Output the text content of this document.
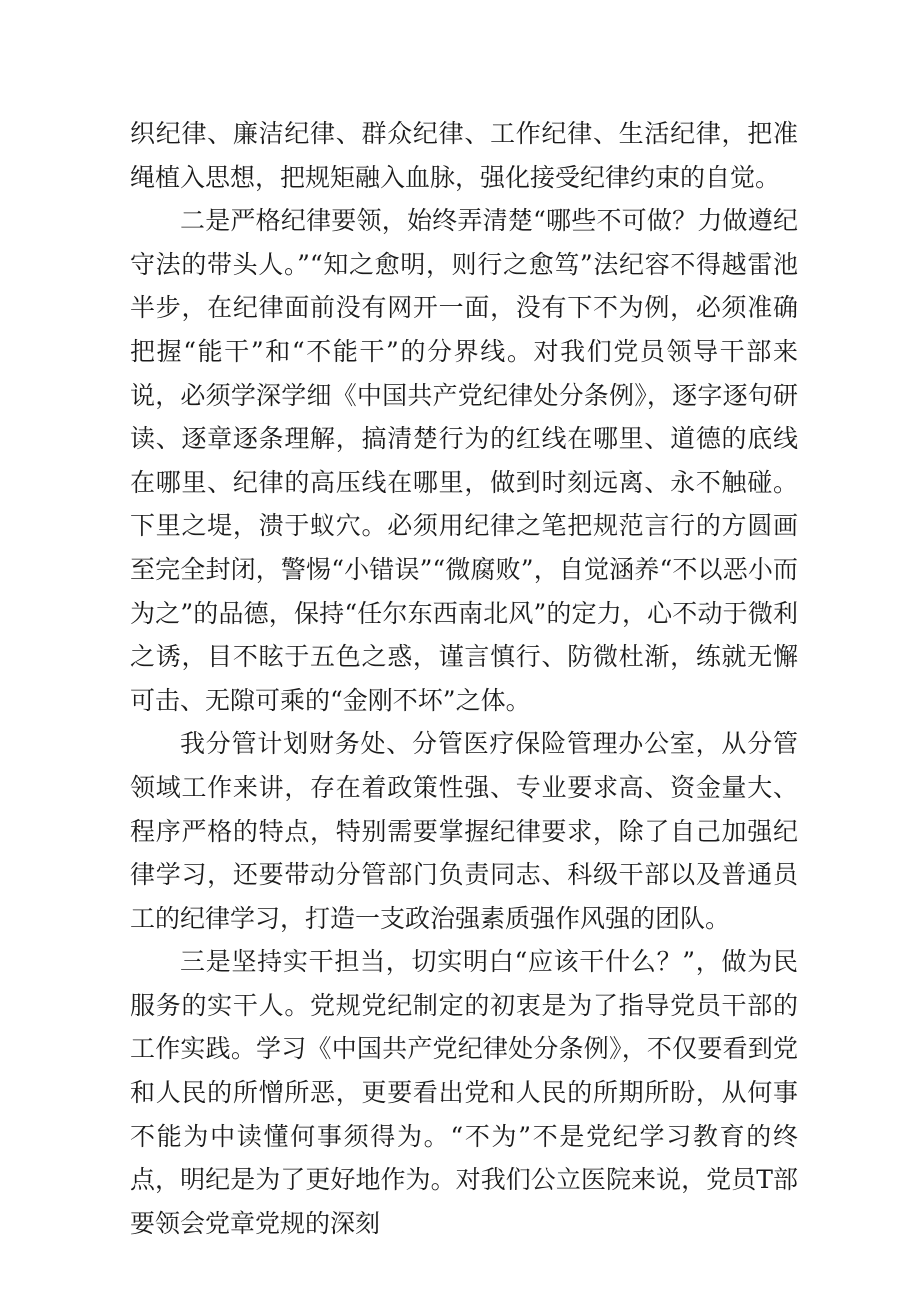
织纪律、廉洁纪律、群众纪律、工作纪律、生活纪律，把准绳植入思想，把规矩融入血脉，强化接受纪律约束的自觉。

二是严格纪律要领，始终弄清楚“哪些不可做？力做遵纪守法的带头人。”“知之愈明，则行之愈笃”法纪容不得越雷池半步，在纪律面前没有网开一面，没有下不为例，必须准确把握“能干”和“不能干”的分界线。对我们党员领导干部来说，必须学深学细《中国共产党纪律处分条例》，逐字逐句研读、逐章逐条理解，搞清楚行为的红线在哪里、道德的底线在哪里、纪律的高压线在哪里，做到时刻远离、永不触碰。下里之堤，溃于蚁穴。必须用纪律之笔把规范言行的方圆画至完全封闭，警惕“小错误”“微腐败”，自觉涵养“不以恶小而为之”的品德，保持“任尔东西南北风”的定力，心不动于微利之诱，目不眩于五色之惑，谨言慎行、防微杜渐，练就无懈可击、无隙可乘的“金刚不坏”之体。

我分管计划财务处、分管医疗保险管理办公室，从分管领域工作来讲，存在着政策性强、专业要求高、资金量大、程序严格的特点，特别需要掌握纪律要求，除了自己加强纪律学习，还要带动分管部门负责同志、科级干部以及普通员工的纪律学习，打造一支政治强素质强作风强的团队。

三是坚持实干担当，切实明白“应该干什么？”，做为民服务的实干人。党规党纪制定的初衷是为了指导党员干部的工作实践。学习《中国共产党纪律处分条例》，不仅要看到党和人民的所憎所恶，更要看出党和人民的所期所盼，从何事不能为中读懂何事须得为。“不为”不是党纪学习教育的终点，明纪是为了更好地作为。对我们公立医院来说，党员T部要领会党章党规的深刻
